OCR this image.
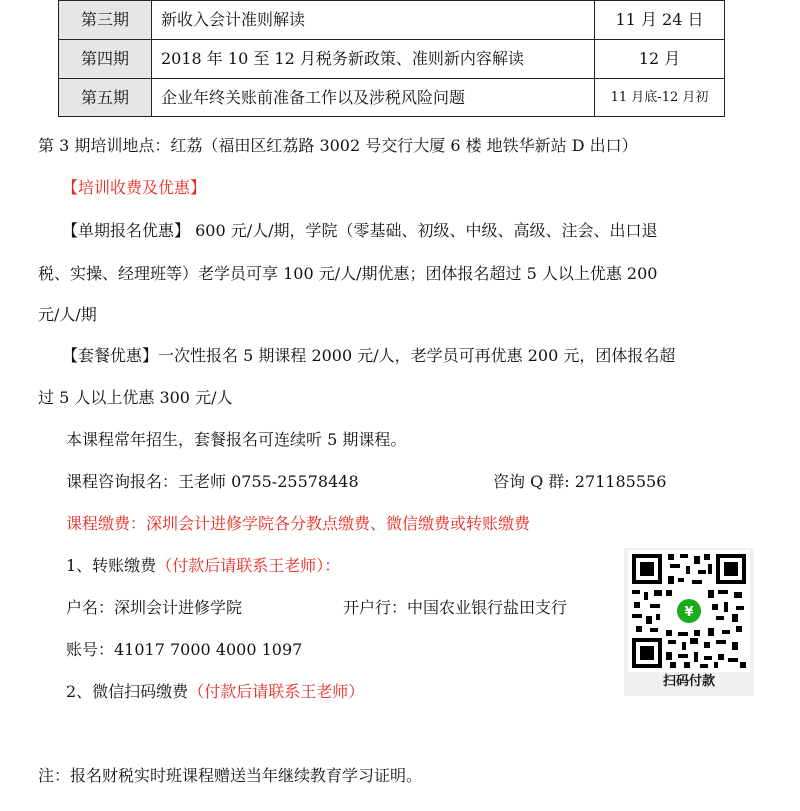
第三期	新收入会计准则解读	11 月 24 日
第四期	2018 年 10 至 12 月税务新政策、准则新内容解读	12 月
第五期	企业年终关账前准备工作以及涉税风险问题	11 月底-12 月初
第 3 期培训地点：红荔（福田区红荔路 3002 号交行大厦 6 楼 地铁华新站 D 出口）
【培训收费及优惠】
【单期报名优惠】 600 元/人/期，学院（零基础、初级、中级、高级、注会、出口退
税、实操、经理班等）老学员可享 100 元/人/期优惠；团体报名超过 5 人以上优惠 200
元/人/期
【套餐优惠】一次性报名 5 期课程 2000 元/人，老学员可再优惠 200 元，团体报名超
过 5 人以上优惠 300 元/人
本课程常年招生，套餐报名可连续听 5 期课程。
课程咨询报名：王老师 0755-25578448	咨询 Q 群: 271185556
课程缴费：深圳会计进修学院各分教点缴费、微信缴费或转账缴费
1、转账缴费（付款后请联系王老师）：
户名：深圳会计进修学院	开户行：中国农业银行盐田支行
账号：41017 7000 4000 1097
2、微信扫码缴费（付款后请联系王老师）
¥
扫码付款
注：报名财税实时班课程赠送当年继续教育学习证明。
